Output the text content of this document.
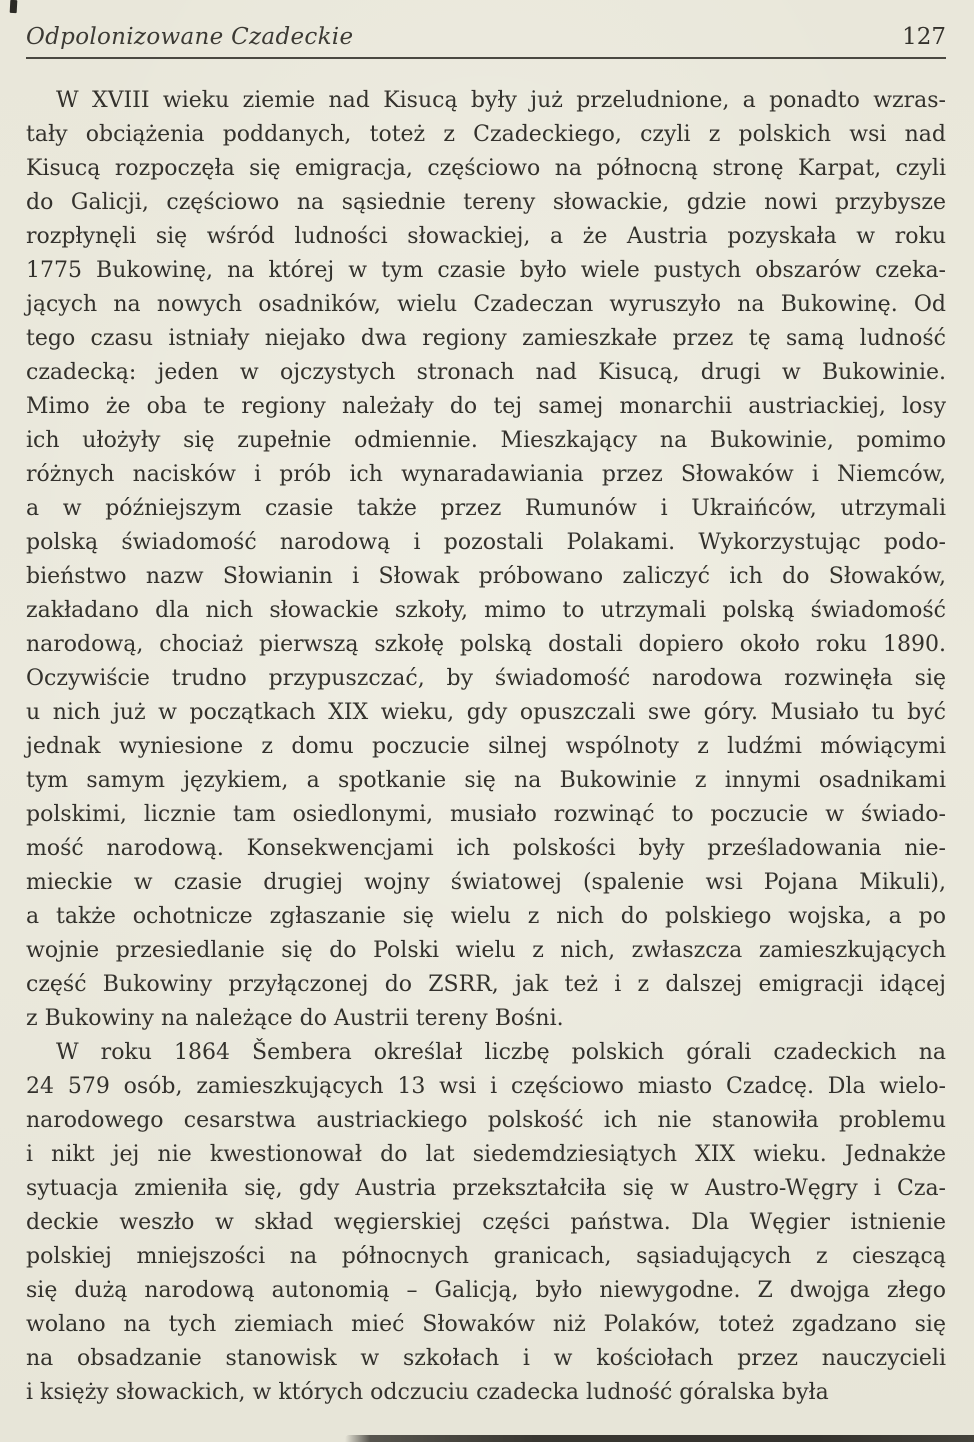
Odpolonizowane Czadeckie	127
W XVIII wieku ziemie nad Kisucą były już przeludnione, a ponadto wzras-
tały obciążenia poddanych, toteż z Czadeckiego, czyli z polskich wsi nad
Kisucą rozpoczęła się emigracja, częściowo na północną stronę Karpat, czyli
do Galicji, częściowo na sąsiednie tereny słowackie, gdzie nowi przybysze
rozpłynęli się wśród ludności słowackiej, a że Austria pozyskała w roku
1775 Bukowinę, na której w tym czasie było wiele pustych obszarów czeka-
jących na nowych osadników, wielu Czadeczan wyruszyło na Bukowinę. Od
tego czasu istniały niejako dwa regiony zamieszkałe przez tę samą ludność
czadecką: jeden w ojczystych stronach nad Kisucą, drugi w Bukowinie.
Mimo że oba te regiony należały do tej samej monarchii austriackiej, losy
ich ułożyły się zupełnie odmiennie. Mieszkający na Bukowinie, pomimo
różnych nacisków i prób ich wynaradawiania przez Słowaków i Niemców,
a w późniejszym czasie także przez Rumunów i Ukraińców, utrzymali
polską świadomość narodową i pozostali Polakami. Wykorzystując podo-
bieństwo nazw Słowianin i Słowak próbowano zaliczyć ich do Słowaków,
zakładano dla nich słowackie szkoły, mimo to utrzymali polską świadomość
narodową, chociaż pierwszą szkołę polską dostali dopiero około roku 1890.
Oczywiście trudno przypuszczać, by świadomość narodowa rozwinęła się
u nich już w początkach XIX wieku, gdy opuszczali swe góry. Musiało tu być
jednak wyniesione z domu poczucie silnej wspólnoty z ludźmi mówiącymi
tym samym językiem, a spotkanie się na Bukowinie z innymi osadnikami
polskimi, licznie tam osiedlonymi, musiało rozwinąć to poczucie w świado-
mość narodową. Konsekwencjami ich polskości były prześladowania nie-
mieckie w czasie drugiej wojny światowej (spalenie wsi Pojana Mikuli),
a także ochotnicze zgłaszanie się wielu z nich do polskiego wojska, a po
wojnie przesiedlanie się do Polski wielu z nich, zwłaszcza zamieszkujących
część Bukowiny przyłączonej do ZSRR, jak też i z dalszej emigracji idącej
z Bukowiny na należące do Austrii tereny Bośni.
W roku 1864 Šembera określał liczbę polskich górali czadeckich na
24 579 osób, zamieszkujących 13 wsi i częściowo miasto Czadcę. Dla wielo-
narodowego cesarstwa austriackiego polskość ich nie stanowiła problemu
i nikt jej nie kwestionował do lat siedemdziesiątych XIX wieku. Jednakże
sytuacja zmieniła się, gdy Austria przekształciła się w Austro-Węgry i Cza-
deckie weszło w skład węgierskiej części państwa. Dla Węgier istnienie
polskiej mniejszości na północnych granicach, sąsiadujących z cieszącą
się dużą narodową autonomią – Galicją, było niewygodne. Z dwojga złego
wolano na tych ziemiach mieć Słowaków niż Polaków, toteż zgadzano się
na obsadzanie stanowisk w szkołach i w kościołach przez nauczycieli
i księży słowackich, w których odczuciu czadecka ludność góralska była
